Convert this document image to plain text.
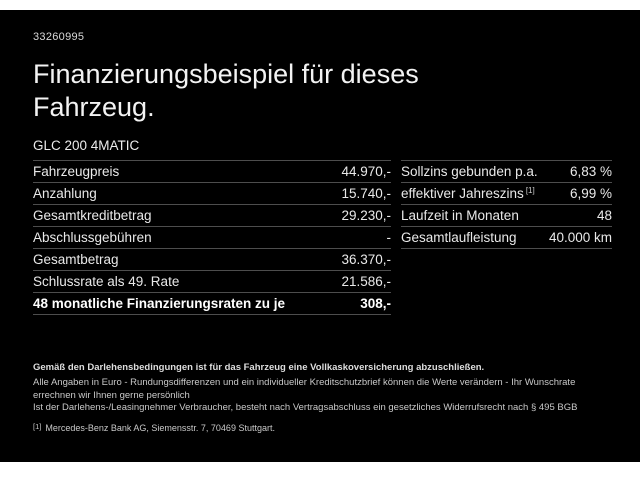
33260995
Finanzierungsbeispiel für dieses
Fahrzeug.
GLC 200 4MATIC
Fahrzeugpreis	44.970,-
Anzahlung	15.740,-
Gesamtkreditbetrag	29.230,-
Abschlussgebühren	-
Gesamtbetrag	36.370,-
Schlussrate als 49. Rate	21.586,-
48 monatliche Finanzierungsraten zu je	308,-
Sollzins gebunden p.a. 6,83 %
effektiver Jahreszins [1]	6,99 %
Laufzeit in Monaten	48
Gesamtlaufleistung 40.000 km
Gemäß den Darlehensbedingungen ist für das Fahrzeug eine Vollkaskoversicherung abzuschließen.
Alle Angaben in Euro - Rundungsdifferenzen und ein individueller Kreditschutzbrief können die Werte verändern - Ihr Wunschrate errechnen wir Ihnen gerne persönlich
Ist der Darlehens-/Leasingnehmer Verbraucher, besteht nach Vertragsabschluss ein gesetzliches Widerrufsrecht nach § 495 BGB
[1] Mercedes-Benz Bank AG, Siemensstr. 7, 70469 Stuttgart.
